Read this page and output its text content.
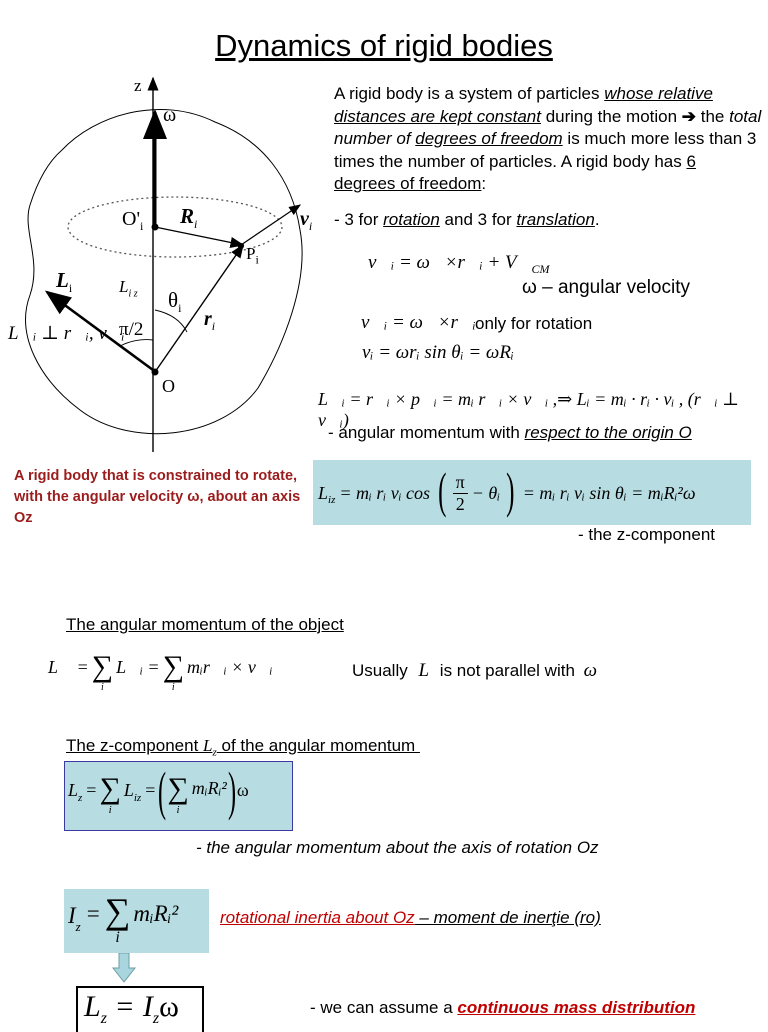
Dynamics of rigid bodies
z
ω
$O'_i$ $R_i$
$P_i$
$v_i$
$L_i$	$L_{i z}$ $\theta_i$ $r_i$
π/2
O
L⃗ᵢ ⊥ r⃗ᵢ, v⃗ᵢ
A rigid body is a system of particles whose relative distances are kept constant during the motion ➔ the total number of degrees of freedom is much more less than 3 times the number of particles. A rigid body has 6 degrees of freedom:
- 3 for rotation and 3 for translation.
v⃗ᵢ = ω⃗×r⃗ᵢ + $V⃗_{CM}$
ω – angular velocity
v⃗ᵢ = ω⃗×r⃗ᵢ only for rotation
vᵢ = ωrᵢ sin θᵢ = ωRᵢ
L⃗ᵢ = r⃗ᵢ × p⃗ᵢ = mᵢ r⃗ᵢ × v⃗ᵢ ,⇒ Lᵢ = mᵢ · rᵢ · vᵢ , (r⃗ᵢ ⊥ v⃗ᵢ)
- angular momentum with respect to the origin O
A rigid body that is constrained to rotate, with the angular velocity ω, about an axis Oz
$L_{iz}$ = mᵢ rᵢ vᵢ cos ( π
2
− θᵢ ) = mᵢ rᵢ vᵢ sin θᵢ = mᵢRᵢ²ω
- the z-component
The angular momentum of the object
L⃗ = ∑
i
L⃗ᵢ = ∑
i
mᵢr⃗ᵢ × v⃗ᵢ	Usually L is not parallel with ω
The z-component $L_z$ of the angular momentum
$L_z$ = ∑
i
$L_{iz}$ = ( ∑
i
mᵢRᵢ² ) ω
- the angular momentum about the axis of rotation Oz
$I_z$
= ∑
i
mᵢRᵢ² rotational inertia about Oz – moment de inerţie (ro)
$L_z = I_z\omega$	- we can assume a continuous mass distribution
